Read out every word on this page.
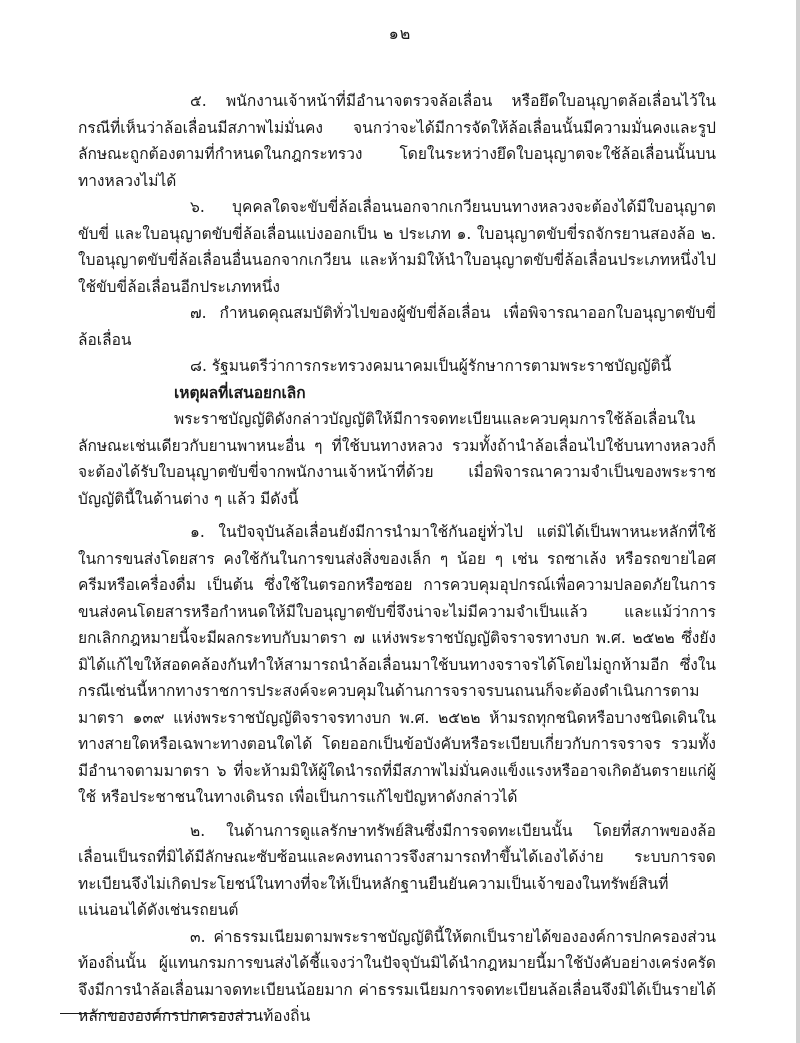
๑๒

๕. พนักงานเจ้าหน้าที่มีอำนาจตรวจล้อเลื่อน หรือยึดใบอนุญาตล้อเลื่อนไว้ในกรณีที่เห็นว่าล้อเลื่อนมีสภาพไม่มั่นคง จนกว่าจะได้มีการจัดให้ล้อเลื่อนนั้นมีความมั่นคงและรูปลักษณะถูกต้องตามที่กำหนดในกฎกระทรวง โดยในระหว่างยึดใบอนุญาตจะใช้ล้อเลื่อนนั้นบนทางหลวงไม่ได้

๖. บุคคลใดจะขับขี่ล้อเลื่อนนอกจากเกวียนบนทางหลวงจะต้องได้มีใบอนุญาตขับขี่ และใบอนุญาตขับขี่ล้อเลื่อนแบ่งออกเป็น ๒ ประเภท ๑. ใบอนุญาตขับขี่รถจักรยานสองล้อ ๒. ใบอนุญาตขับขี่ล้อเลื่อนอื่นนอกจากเกวียน และห้ามมิให้นำใบอนุญาตขับขี่ล้อเลื่อนประเภทหนึ่งไปใช้ขับขี่ล้อเลื่อนอีกประเภทหนึ่ง

๗. กำหนดคุณสมบัติทั่วไปของผู้ขับขี่ล้อเลื่อน เพื่อพิจารณาออกใบอนุญาตขับขี่ล้อเลื่อน

๘. รัฐมนตรีว่าการกระทรวงคมนาคมเป็นผู้รักษาการตามพระราชบัญญัตินี้

เหตุผลที่เสนอยกเลิก

พระราชบัญญัติดังกล่าวบัญญัติให้มีการจดทะเบียนและควบคุมการใช้ล้อเลื่อนในลักษณะเช่นเดียวกับยานพาหนะอื่น ๆ ที่ใช้บนทางหลวง รวมทั้งถ้านำล้อเลื่อนไปใช้บนทางหลวงก็จะต้องได้รับใบอนุญาตขับขี่จากพนักงานเจ้าหน้าที่ด้วย เมื่อพิจารณาความจำเป็นของพระราชบัญญัตินี้ในด้านต่าง ๆ แล้ว มีดังนี้

๑. ในปัจจุบันล้อเลื่อนยังมีการนำมาใช้กันอยู่ทั่วไป แต่มิได้เป็นพาหนะหลักที่ใช้ในการขนส่งโดยสาร คงใช้กันในการขนส่งสิ่งของเล็ก ๆ น้อย ๆ เช่น รถซาเล้ง หรือรถขายไอศครีมหรือเครื่องดื่ม เป็นต้น ซึ่งใช้ในตรอกหรือซอย การควบคุมอุปกรณ์เพื่อความปลอดภัยในการขนส่งคนโดยสารหรือกำหนดให้มีใบอนุญาตขับขี่จึงน่าจะไม่มีความจำเป็นแล้ว และแม้ว่าการยกเลิกกฎหมายนี้จะมีผลกระทบกับมาตรา ๗ แห่งพระราชบัญญัติจราจรทางบก พ.ศ. ๒๕๒๒ ซึ่งยังมิได้แก้ไขให้สอดคล้องกันทำให้สามารถนำล้อเลื่อนมาใช้บนทางจราจรได้โดยไม่ถูกห้ามอีก ซึ่งในกรณีเช่นนี้หากทางราชการประสงค์จะควบคุมในด้านการจราจรบนถนนก็จะต้องดำเนินการตามมาตรา ๑๓๙ แห่งพระราชบัญญัติจราจรทางบก พ.ศ. ๒๕๒๒ ห้ามรถทุกชนิดหรือบางชนิดเดินในทางสายใดหรือเฉพาะทางตอนใดได้ โดยออกเป็นข้อบังคับหรือระเบียบเกี่ยวกับการจราจร รวมทั้งมีอำนาจตามมาตรา ๖ ที่จะห้ามมิให้ผู้ใดนำรถที่มีสภาพไม่มั่นคงแข็งแรงหรืออาจเกิดอันตรายแก่ผู้ใช้ หรือประชาชนในทางเดินรถ เพื่อเป็นการแก้ไขปัญหาดังกล่าวได้

๒. ในด้านการดูแลรักษาทรัพย์สินซึ่งมีการจดทะเบียนนั้น โดยที่สภาพของล้อเลื่อนเป็นรถที่มิได้มีลักษณะซับซ้อนและคงทนถาวรจึงสามารถทำขึ้นได้เองได้ง่าย ระบบการจดทะเบียนจึงไม่เกิดประโยชน์ในทางที่จะให้เป็นหลักฐานยืนยันความเป็นเจ้าของในทรัพย์สินที่แน่นอนได้ดังเช่นรถยนต์

๓. ค่าธรรมเนียมตามพระราชบัญญัตินี้ให้ตกเป็นรายได้ขององค์การปกครองส่วนท้องถิ่นนั้น ผู้แทนกรมการขนส่งได้ชี้แจงว่าในปัจจุบันมิได้นำกฎหมายนี้มาใช้บังคับอย่างเคร่งครัด จึงมีการนำล้อเลื่อนมาจดทะเบียนน้อยมาก ค่าธรรมเนียมการจดทะเบียนล้อเลื่อนจึงมิได้เป็นรายได้หลักขององค์กรปกครองส่วนท้องถิ่น
